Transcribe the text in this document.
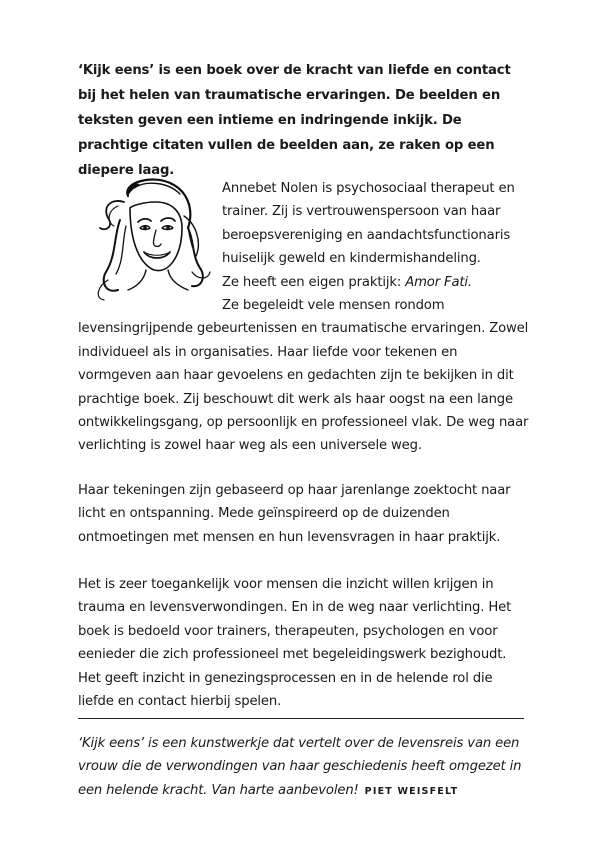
‘Kijk eens’ is een boek over de kracht van liefde en contact bij het helen van traumatische ervaringen. De beelden en teksten geven een intieme en indringende inkijk. De prachtige citaten vullen de beelden aan, ze raken op een diepere laag.

Annebet Nolen is psychosociaal therapeut en trainer. Zij is vertrouwenspersoon van haar beroepsvereniging en aandachtsfunctionaris huiselijk geweld en kindermishandeling.
Ze heeft een eigen praktijk: Amor Fati.
Ze begeleidt vele mensen rondom levensingrijpende gebeurtenissen en traumatische ervaringen. Zowel individueel als in organisaties. Haar liefde voor tekenen en vormgeven aan haar gevoelens en gedachten zijn te bekijken in dit prachtige boek. Zij beschouwt dit werk als haar oogst na een lange ontwikkelingsgang, op persoonlijk en professioneel vlak. De weg naar verlichting is zowel haar weg als een universele weg.

Haar tekeningen zijn gebaseerd op haar jarenlange zoektocht naar licht en ontspanning. Mede geïnspireerd op de duizenden ontmoetingen met mensen en hun levensvragen in haar praktijk.

Het is zeer toegankelijk voor mensen die inzicht willen krijgen in trauma en levensverwondingen. En in de weg naar verlichting. Het boek is bedoeld voor trainers, therapeuten, psychologen en voor eenieder die zich professioneel met begeleidingswerk bezighoudt. Het geeft inzicht in genezingsprocessen en in de helende rol die liefde en contact hierbij spelen.

‘Kijk eens’ is een kunstwerkje dat vertelt over de levensreis van een vrouw die de verwondingen van haar geschiedenis heeft omgezet in een helende kracht. Van harte aanbevolen! PIET WEISFELT
